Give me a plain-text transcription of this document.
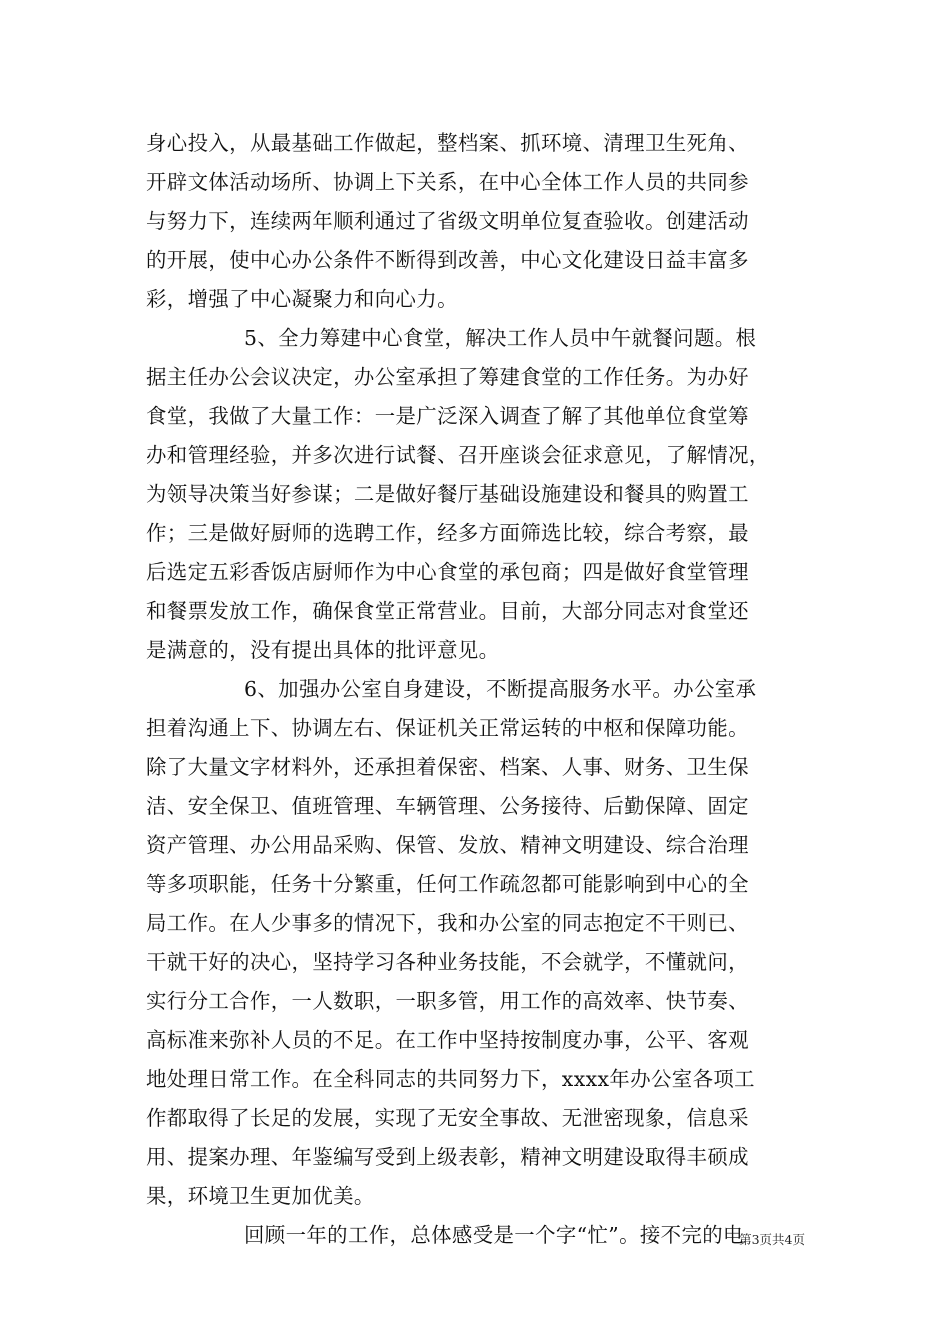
身心投入，从最基础工作做起，整档案、抓环境、清理卫生死角、
开辟文体活动场所、协调上下关系，在中心全体工作人员的共同参
与努力下，连续两年顺利通过了省级文明单位复查验收。创建活动
的开展，使中心办公条件不断得到改善，中心文化建设日益丰富多
彩，增强了中心凝聚力和向心力。
5、全力筹建中心食堂，解决工作人员中午就餐问题。根
据主任办公会议决定，办公室承担了筹建食堂的工作任务。为办好
食堂，我做了大量工作：一是广泛深入调查了解了其他单位食堂筹
办和管理经验，并多次进行试餐、召开座谈会征求意见，了解情况，
为领导决策当好参谋；二是做好餐厅基础设施建设和餐具的购置工
作；三是做好厨师的选聘工作，经多方面筛选比较，综合考察，最
后选定五彩香饭店厨师作为中心食堂的承包商；四是做好食堂管理
和餐票发放工作，确保食堂正常营业。目前，大部分同志对食堂还
是满意的，没有提出具体的批评意见。
6、加强办公室自身建设，不断提高服务水平。办公室承
担着沟通上下、协调左右、保证机关正常运转的中枢和保障功能。
除了大量文字材料外，还承担着保密、档案、人事、财务、卫生保
洁、安全保卫、值班管理、车辆管理、公务接待、后勤保障、固定
资产管理、办公用品采购、保管、发放、精神文明建设、综合治理
等多项职能，任务十分繁重，任何工作疏忽都可能影响到中心的全
局工作。在人少事多的情况下，我和办公室的同志抱定不干则已、
干就干好的决心，坚持学习各种业务技能，不会就学，不懂就问，
实行分工合作，一人数职，一职多管，用工作的高效率、快节奏、
高标准来弥补人员的不足。在工作中坚持按制度办事，公平、客观
地处理日常工作。在全科同志的共同努力下，xxxx年办公室各项工
作都取得了长足的发展，实现了无安全事故、无泄密现象，信息采
用、提案办理、年鉴编写受到上级表彰，精神文明建设取得丰硕成
果，环境卫生更加优美。
回顾一年的工作，总体感受是一个字“忙”。接不完的电
第3页共4页
